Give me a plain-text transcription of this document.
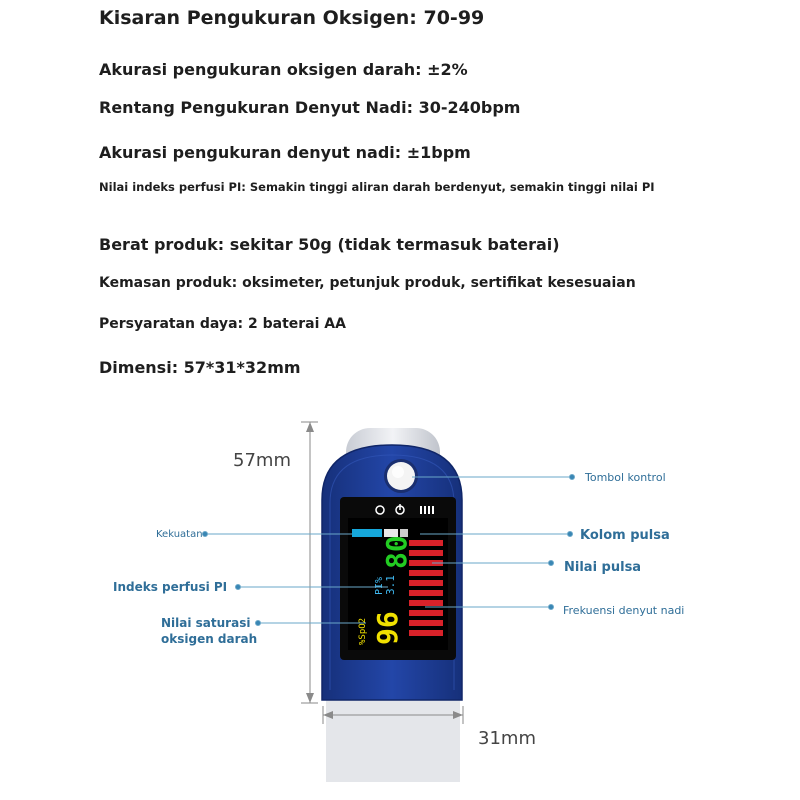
Kisaran Pengukuran Oksigen: 70-99
Akurasi pengukuran oksigen darah: ±2%
Rentang Pengukuran Denyut Nadi: 30-240bpm
Akurasi pengukuran denyut nadi: ±1bpm
Nilai indeks perfusi PI: Semakin tinggi aliran darah berdenyut, semakin tinggi nilai PI
Berat produk: sekitar 50g (tidak termasuk baterai)
Kemasan produk: oksimeter, petunjuk produk, sertifikat kesesuaian
Persyaratan daya: 2 baterai AA
Dimensi: 57*31*32mm
57mm
31mm
96
%SpO2
PI% 3.1
80
Tombol kontrol
Kekuatan	Kolom pulsa
Nilai pulsa
Indeks perfusi PI
Frekuensi denyut nadi
Nilai saturasi
oksigen darah
